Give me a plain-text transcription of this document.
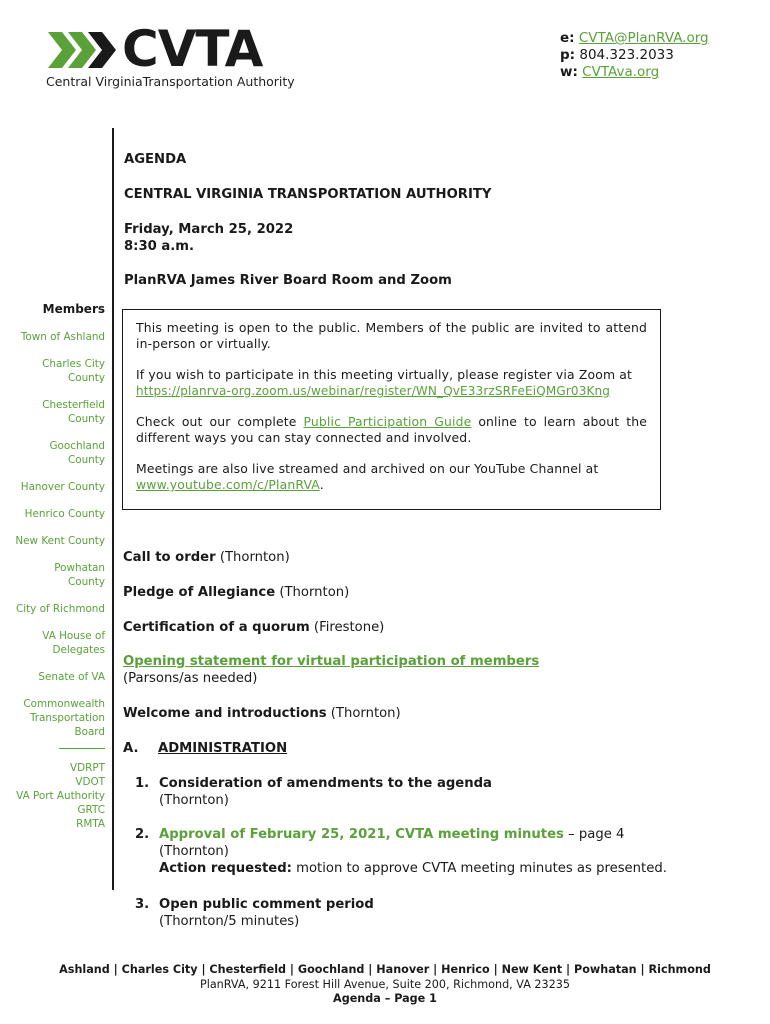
CVTA
Central VirginiaTransportation Authority
e: CVTA@PlanRVA.org
p: 804.323.2033
w: CVTAva.org
Members
Town of Ashland
Charles City County
Chesterfield County
Goochland County
Hanover County
Henrico County
New Kent County
Powhatan County
City of Richmond
VA House of Delegates
Senate of VA
Commonwealth Transportation Board
VDRPT
VDOT
VA Port Authority
GRTC
RMTA
AGENDA
CENTRAL VIRGINIA TRANSPORTATION AUTHORITY
Friday, March 25, 2022
8:30 a.m.
PlanRVA James River Board Room and Zoom

This meeting is open to the public. Members of the public are invited to attend in-person or virtually.

If you wish to participate in this meeting virtually, please register via Zoom at https://planrva-org.zoom.us/webinar/register/WN_QvE33rzSRFeEiQMGr03Kng

Check out our complete Public Participation Guide online to learn about the different ways you can stay connected and involved.

Meetings are also live streamed and archived on our YouTube Channel at www.youtube.com/c/PlanRVA.

Call to order (Thornton)
Pledge of Allegiance (Thornton)
Certification of a quorum (Firestone)
Opening statement for virtual participation of members
(Parsons/as needed)
Welcome and introductions (Thornton)
A. ADMINISTRATION
1. Consideration of amendments to the agenda
(Thornton)
2. Approval of February 25, 2021, CVTA meeting minutes – page 4
(Thornton)
Action requested: motion to approve CVTA meeting minutes as presented.
3. Open public comment period
(Thornton/5 minutes)
Ashland | Charles City | Chesterfield | Goochland | Hanover | Henrico | New Kent | Powhatan | Richmond
PlanRVA, 9211 Forest Hill Avenue, Suite 200, Richmond, VA 23235
Agenda – Page 1
